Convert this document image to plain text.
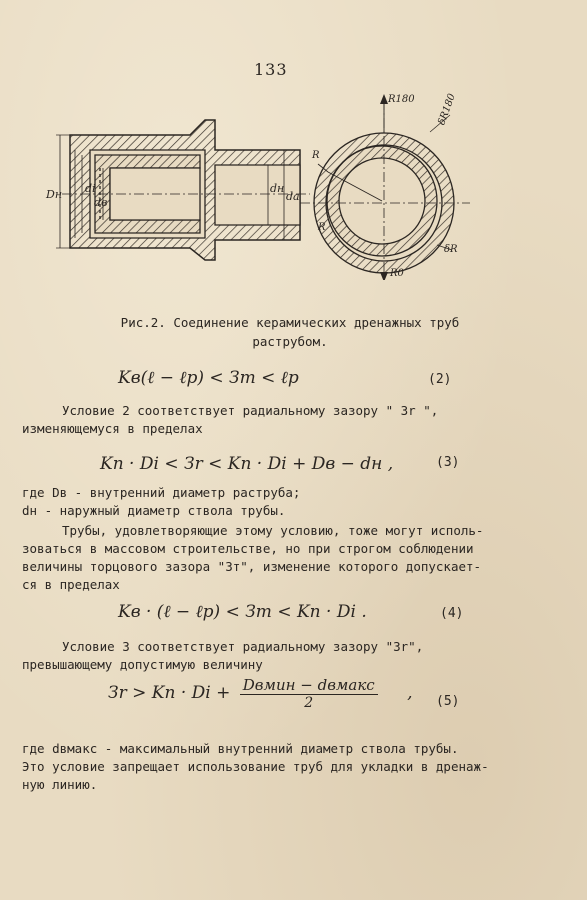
133
Dн di
dв
dн
dа
R180
R0
R
δR180
δR
R
Рис.2. Соединение керамических дренажных труб
раструбом.
Kв(ℓ − ℓр) < Зт < ℓр	(2)
Условие 2 соответствует радиальному зазору " Зr ",
изменяющемуся в пределах
Kп · Di < Зr < Kп · Di + Dв − dн ,	(3)
где Dв - внутренний диаметр раструба;
dн - наружный диаметр ствола трубы.
Трубы, удовлетворяющие этому условию, тоже могут исполь-
зоваться в массовом строительстве, но при строгом соблюдении
величины торцового зазора "Зт", изменение которого допускает-
ся в пределах
Kв · (ℓ − ℓр) < Зт < Kп · Di .	(4)
Условие 3 соответствует радиальному зазору "Зr",
превышающему допустимую величину
Зr > Kп · $Di + \frac{\text{Dвмин − dвмакс}}{2}$ , (5)
где dвмакс - максимальный внутренний диаметр ствола трубы.
Это условие запрещает использование труб для укладки в дренаж-
ную линию.
